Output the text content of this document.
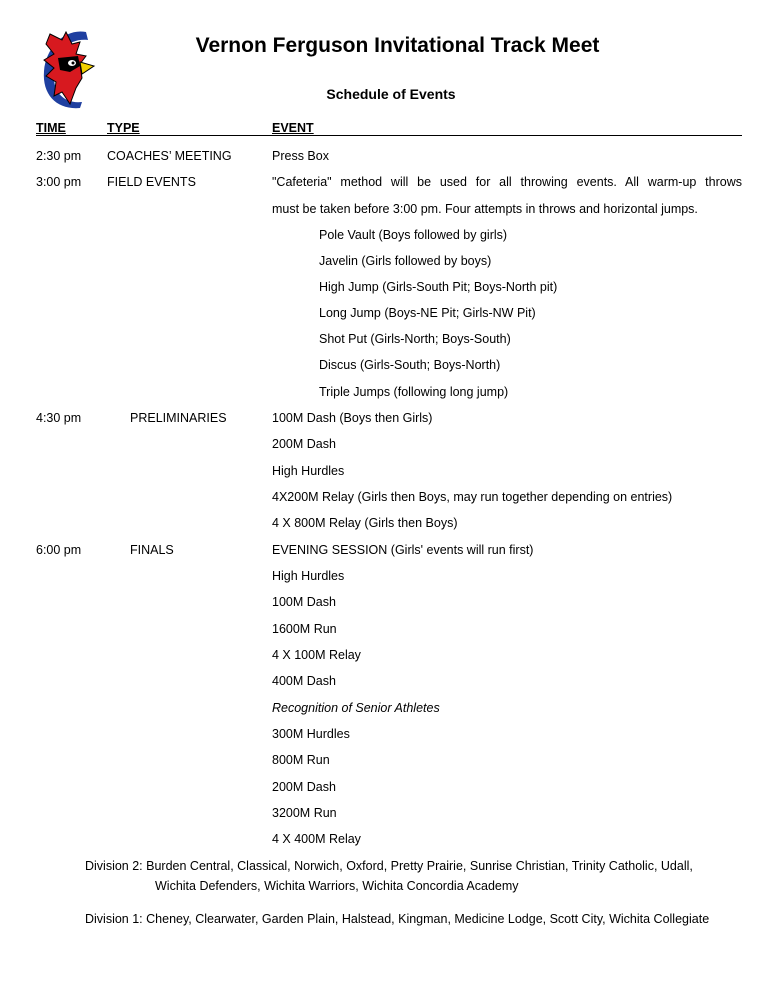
Vernon Ferguson Invitational Track Meet
Schedule of Events
TIME	TYPE	EVENT
2:30 pm COACHES’ MEETING	Press Box
3:00 pm FIELD EVENTS	"Cafeteria" method will be used for all throwing events. All warm-up throws
must be taken before 3:00 pm. Four attempts in throws and horizontal jumps.
Pole Vault (Boys followed by girls)
Javelin (Girls followed by boys)
High Jump (Girls-South Pit; Boys-North pit)
Long Jump (Boys-NE Pit; Girls-NW Pit)
Shot Put (Girls-North; Boys-South)
Discus (Girls-South; Boys-North)
Triple Jumps (following long jump)
4:30 pm	PRELIMINARIES	100M Dash (Boys then Girls)
200M Dash
High Hurdles
4X200M Relay (Girls then Boys, may run together depending on entries)
4 X 800M Relay (Girls then Boys)
6:00 pm	FINALS	EVENING SESSION (Girls' events will run first)
High Hurdles
100M Dash
1600M Run
4 X 100M Relay
400M Dash
Recognition of Senior Athletes
300M Hurdles
800M Run
200M Dash
3200M Run
4 X 400M Relay
Division 2: Burden Central, Classical, Norwich, Oxford, Pretty Prairie, Sunrise Christian, Trinity Catholic, Udall,
Wichita Defenders, Wichita Warriors, Wichita Concordia Academy
Division 1: Cheney, Clearwater, Garden Plain, Halstead, Kingman, Medicine Lodge, Scott City, Wichita Collegiate
